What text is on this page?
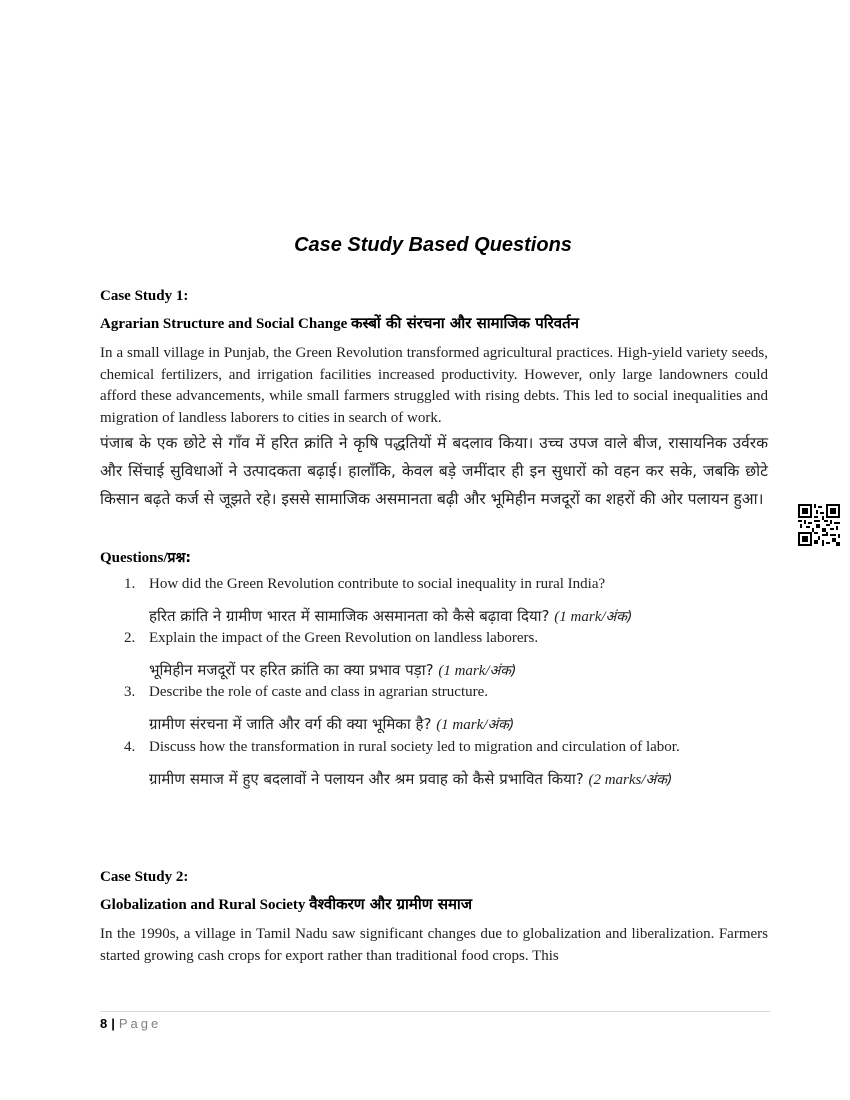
Case Study Based Questions
Case Study 1:
Agrarian Structure and Social Change कस्बों की संरचना और सामाजिक परिवर्तन
In a small village in Punjab, the Green Revolution transformed agricultural practices. High-yield variety seeds, chemical fertilizers, and irrigation facilities increased productivity. However, only large landowners could afford these advancements, while small farmers struggled with rising debts. This led to social inequalities and migration of landless laborers to cities in search of work.
पंजाब के एक छोटे से गाँव में हरित क्रांति ने कृषि पद्धतियों में बदलाव किया। उच्च उपज वाले बीज, रासायनिक उर्वरक और सिंचाई सुविधाओं ने उत्पादकता बढ़ाई। हालाँकि, केवल बड़े जमींदार ही इन सुधारों को वहन कर सके, जबकि छोटे किसान बढ़ते कर्ज से जूझते रहे। इससे सामाजिक असमानता बढ़ी और भूमिहीन मजदूरों का शहरों की ओर पलायन हुआ।
Questions/प्रश्न:
1. How did the Green Revolution contribute to social inequality in rural India?
हरित क्रांति ने ग्रामीण भारत में सामाजिक असमानता को कैसे बढ़ावा दिया? (1 mark/अंक)
2. Explain the impact of the Green Revolution on landless laborers.
भूमिहीन मजदूरों पर हरित क्रांति का क्या प्रभाव पड़ा? (1 mark/अंक)
3. Describe the role of caste and class in agrarian structure.
ग्रामीण संरचना में जाति और वर्ग की क्या भूमिका है? (1 mark/अंक)
4. Discuss how the transformation in rural society led to migration and circulation of labor.
ग्रामीण समाज में हुए बदलावों ने पलायन और श्रम प्रवाह को कैसे प्रभावित किया? (2 marks/अंक)
Case Study 2:
Globalization and Rural Society वैश्वीकरण और ग्रामीण समाज
In the 1990s, a village in Tamil Nadu saw significant changes due to globalization and liberalization. Farmers started growing cash crops for export rather than traditional food crops. This
8 | Page
